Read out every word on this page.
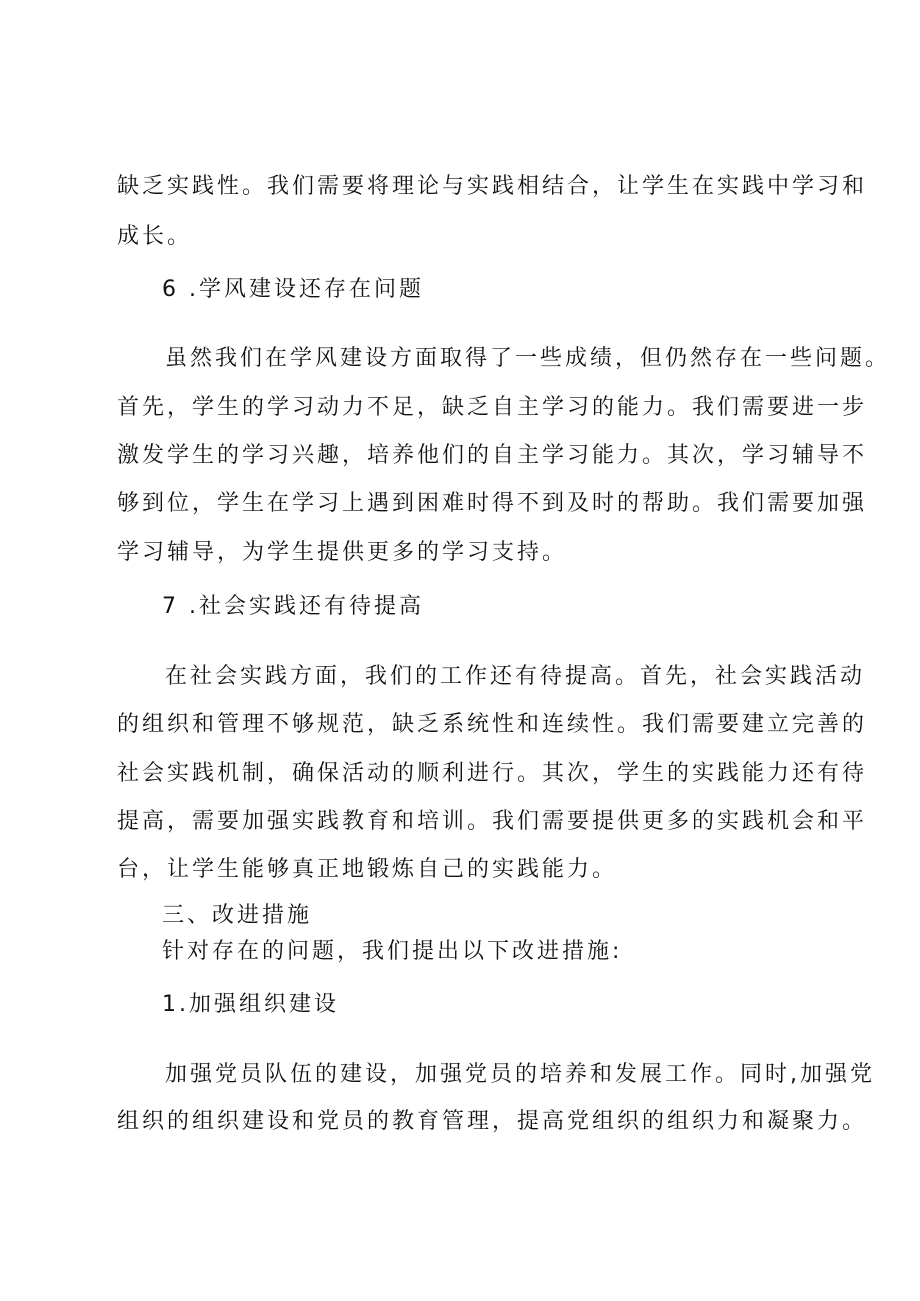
缺乏实践性。我们需要将理论与实践相结合，让学生在实践中学习和
成长。
6 .学风建设还存在问题
虽然我们在学风建设方面取得了一些成绩，但仍然存在一些问题。
首先，学生的学习动力不足，缺乏自主学习的能力。我们需要进一步
激发学生的学习兴趣，培养他们的自主学习能力。其次，学习辅导不
够到位，学生在学习上遇到困难时得不到及时的帮助。我们需要加强
学习辅导，为学生提供更多的学习支持。
7 .社会实践还有待提高
在社会实践方面，我们的工作还有待提高。首先，社会实践活动
的组织和管理不够规范，缺乏系统性和连续性。我们需要建立完善的
社会实践机制，确保活动的顺利进行。其次，学生的实践能力还有待
提高，需要加强实践教育和培训。我们需要提供更多的实践机会和平
台，让学生能够真正地锻炼自己的实践能力。
三、改进措施
针对存在的问题，我们提出以下改进措施:
1.加强组织建设
加强党员队伍的建设，加强党员的培养和发展工作。同时,加强党
组织的组织建设和党员的教育管理，提高党组织的组织力和凝聚力。
